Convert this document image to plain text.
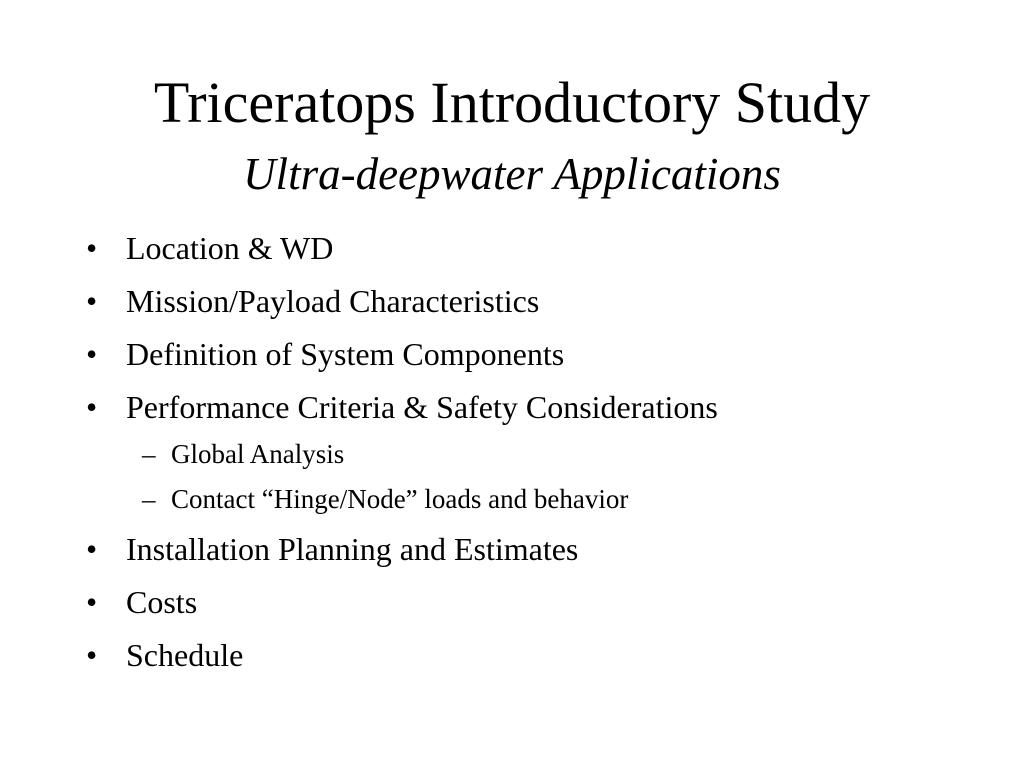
Triceratops Introductory Study
Ultra-deepwater Applications
• Location & WD
• Mission/Payload Characteristics
• Definition of System Components
• Performance Criteria & Safety Considerations
– Global Analysis
– Contact “Hinge/Node” loads and behavior
• Installation Planning and Estimates
• Costs
• Schedule
